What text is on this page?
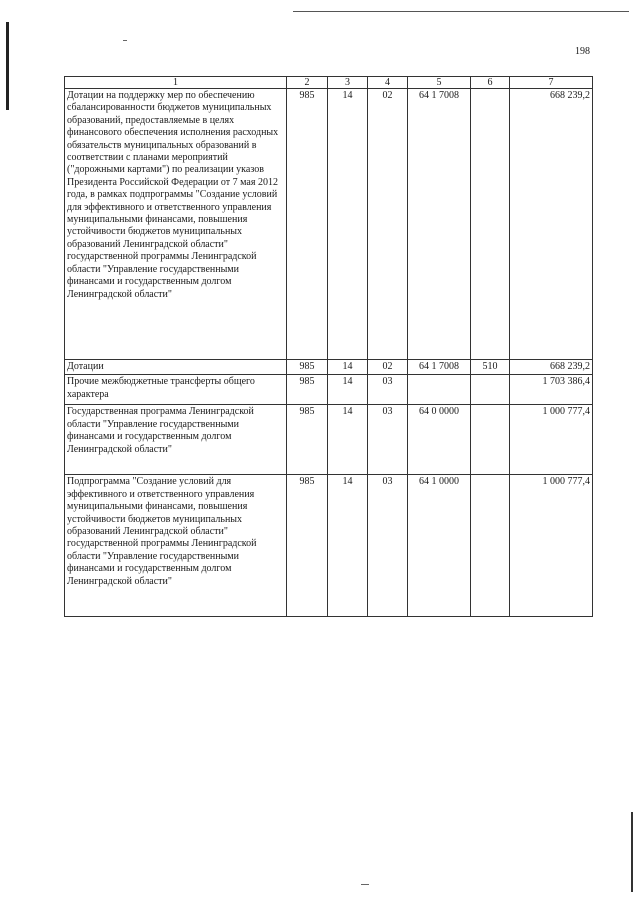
198
1	2	3	4	5	6	7
Дотации на поддержку мер по обеспечению сбалансированности бюджетов муниципальных образований, предоставляемые в целях финансового обеспечения исполнения расходных обязательств муниципальных образований в соответствии с планами мероприятий ("дорожными картами") по реализации указов Президента Российской Федерации от 7 мая 2012 года, в рамках подпрограммы "Создание условий для эффективного и ответственного управления муниципальными финансами, повышения устойчивости бюджетов муниципальных образований Ленинградской области" государственной программы Ленинградской области "Управление государственными финансами и государственным долгом Ленинградской области"	985	14	02	64 1 7008		668 239,2
Дотации	985	14	02	64 1 7008	510	668 239,2
Прочие межбюджетные трансферты общего характера	985	14	03			1 703 386,4
Государственная программа Ленинградской области "Управление государственными финансами и государственным долгом Ленинградской области"	985	14	03	64 0 0000		1 000 777,4
Подпрограмма "Создание условий для эффективного и ответственного управления муниципальными финансами, повышения устойчивости бюджетов муниципальных образований Ленинградской области" государственной программы Ленинградской области "Управление государственными финансами и государственным долгом Ленинградской области"	985	14	03	64 1 0000		1 000 777,4
